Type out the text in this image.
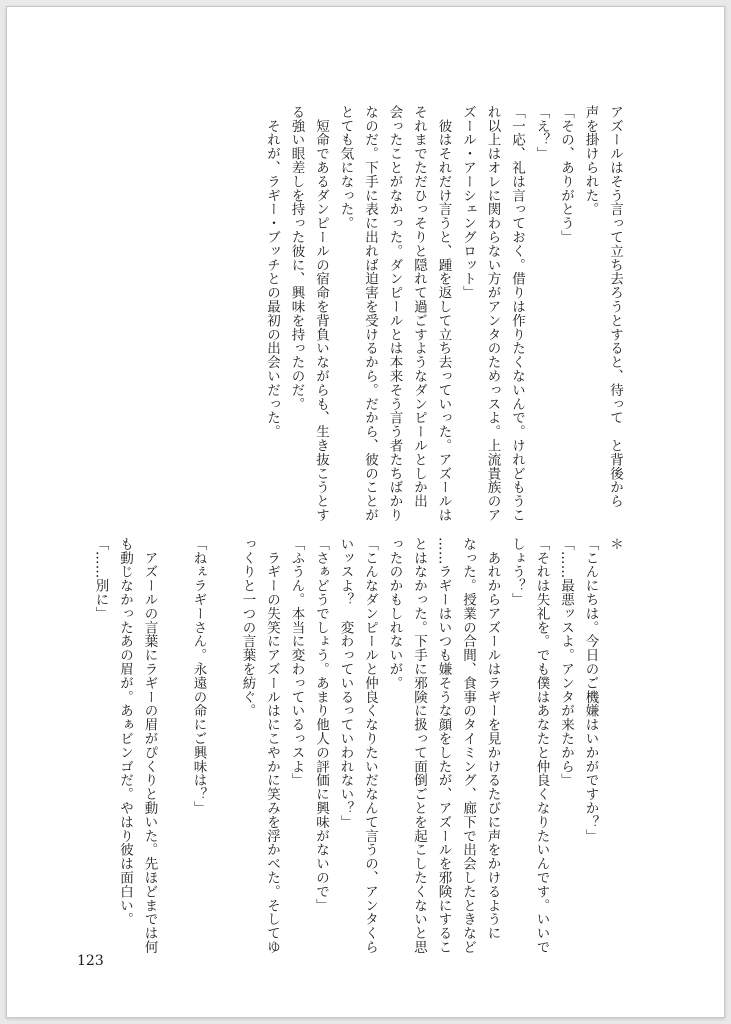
アズールはそう言って立ち去ろうとすると、待って　と背後から
声を掛けられた。
「その、ありがとう」
「え？」
「一応、礼は言っておく。借りは作りたくないんで。けれどもうこ
れ以上はオレに関わらない方がアンタのためっスよ。上流貴族のア
ズール・アーシェングロット」
　彼はそれだけ言うと、踵を返して立ち去っていった。アズールは
それまでただひっそりと隠れて過ごすようなダンピールとしか出
会ったことがなかった。ダンピールとは本来そう言う者たちばかり
なのだ。下手に表に出れば迫害を受けるから。だから、彼のことが
とても気になった。
　短命であるダンピールの宿命を背負いながらも、生き抜こうとす
る強い眼差しを持った彼に、興味を持ったのだ。
　それが、ラギー・ブッチとの最初の出会いだった。
＊
「こんにちは。今日のご機嫌はいかがですか？」
「……最悪ッスよ。アンタが来たから」
「それは失礼を。でも僕はあなたと仲良くなりたいんです。いいで
しょう？」
　あれからアズールはラギーを見かけるたびに声をかけるように
なった。授業の合間、食事のタイミング、廊下で出会したときなど
……ラギーはいつも嫌そうな顔をしたが、アズールを邪険にするこ
とはなかった。下手に邪険に扱って面倒ごとを起こしたくないと思
ったのかもしれないが。
「こんなダンピールと仲良くなりたいだなんて言うの、アンタくら
いッスよ？　変わっているっていわれない？」
「さぁどうでしょう。あまり他人の評価に興味がないので」
「ふうん。本当に変わっているっスよ」
　ラギーの失笑にアズールはにこやかに笑みを浮かべた。そしてゆ
っくりと一つの言葉を紡ぐ。

「ねぇラギーさん。永遠の命にご興味は？」

　アズールの言葉にラギーの眉がぴくりと動いた。先ほどまでは何
も動じなかったあの眉が。あぁビンゴだ。やはり彼は面白い。
「……別に」
123
